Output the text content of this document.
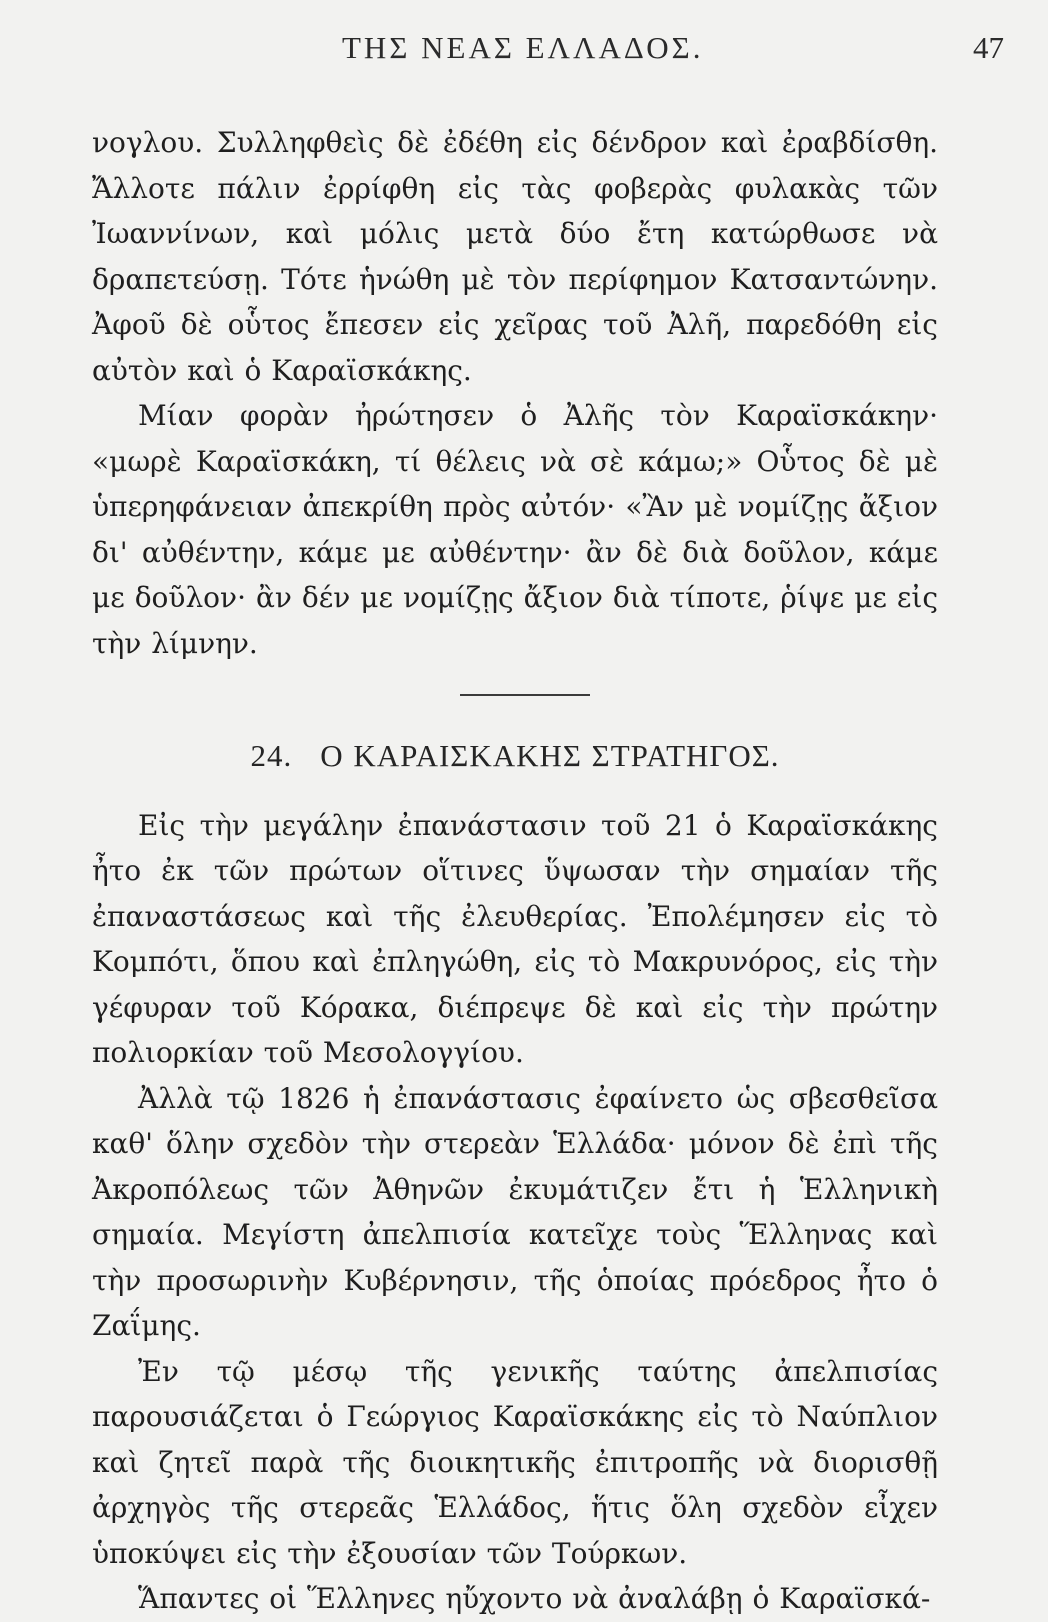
ΤΗΣ ΝΕΑΣ ΕΛΛΑΔΟΣ.	47

νογλου. Συλληφθεὶς δὲ ἐδέθη εἰς δένδρον καὶ ἐραβδίσθη. Ἄλλοτε πάλιν ἐρρίφθη εἰς τὰς φοβερὰς φυλακὰς τῶν Ἰωαννίνων, καὶ μόλις μετὰ δύο ἔτη κατώρθωσε νὰ δραπετεύσῃ. Τότε ἡνώθη μὲ τὸν περίφημον Κατσαντώνην. Ἀφοῦ δὲ οὗτος ἔπεσεν εἰς χεῖρας τοῦ Ἀλῆ, παρεδόθη εἰς αὐτὸν καὶ ὁ Καραϊσκάκης.

Μίαν φορὰν ἠρώτησεν ὁ Ἀλῆς τὸν Καραϊσκάκην· «μωρὲ Καραϊσκάκη, τί θέλεις νὰ σὲ κάμω;» Οὗτος δὲ μὲ ὑπερηφάνειαν ἀπεκρίθη πρὸς αὐτόν· «Ἂν μὲ νομίζῃς ἄξιον δι' αὐθέντην, κάμε με αὐθέντην· ἂν δὲ διὰ δοῦλον, κάμε με δοῦλον· ἂν δέν με νομίζῃς ἄξιον διὰ τίποτε, ῥίψε με εἰς τὴν λίμνην.

24. Ο ΚΑΡΑΙΣΚΑΚΗΣ ΣΤΡΑΤΗΓΟΣ.

Εἰς τὴν μεγάλην ἐπανάστασιν τοῦ 21 ὁ Καραϊσκάκης ἦτο ἐκ τῶν πρώτων οἵτινες ὕψωσαν τὴν σημαίαν τῆς ἐπαναστάσεως καὶ τῆς ἐλευθερίας. Ἐπολέμησεν εἰς τὸ Κομπότι, ὅπου καὶ ἐπληγώθη, εἰς τὸ Μακρυνόρος, εἰς τὴν γέφυραν τοῦ Κόρακα, διέπρεψε δὲ καὶ εἰς τὴν πρώτην πολιορκίαν τοῦ Μεσολογγίου.

Ἀλλὰ τῷ 1826 ἡ ἐπανάστασις ἐφαίνετο ὡς σβεσθεῖσα καθ' ὅλην σχεδὸν τὴν στερεὰν Ἑλλάδα· μόνον δὲ ἐπὶ τῆς Ἀκροπόλεως τῶν Ἀθηνῶν ἐκυμάτιζεν ἔτι ἡ Ἑλληνικὴ σημαία. Μεγίστη ἀπελπισία κατεῖχε τοὺς Ἕλληνας καὶ τὴν προσωρινὴν Κυβέρνησιν, τῆς ὁποίας πρόεδρος ἦτο ὁ Ζαΐμης.

Ἐν τῷ μέσῳ τῆς γενικῆς ταύτης ἀπελπισίας παρουσιάζεται ὁ Γεώργιος Καραϊσκάκης εἰς τὸ Ναύπλιον καὶ ζητεῖ παρὰ τῆς διοικητικῆς ἐπιτροπῆς νὰ διορισθῇ ἀρχηγὸς τῆς στερεᾶς Ἑλλάδος, ἥτις ὅλη σχεδὸν εἶχεν ὑποκύψει εἰς τὴν ἐξουσίαν τῶν Τούρκων.

Ἅπαντες οἱ Ἕλληνες ηὔχοντο νὰ ἀναλάβῃ ὁ Καραϊσκά-
